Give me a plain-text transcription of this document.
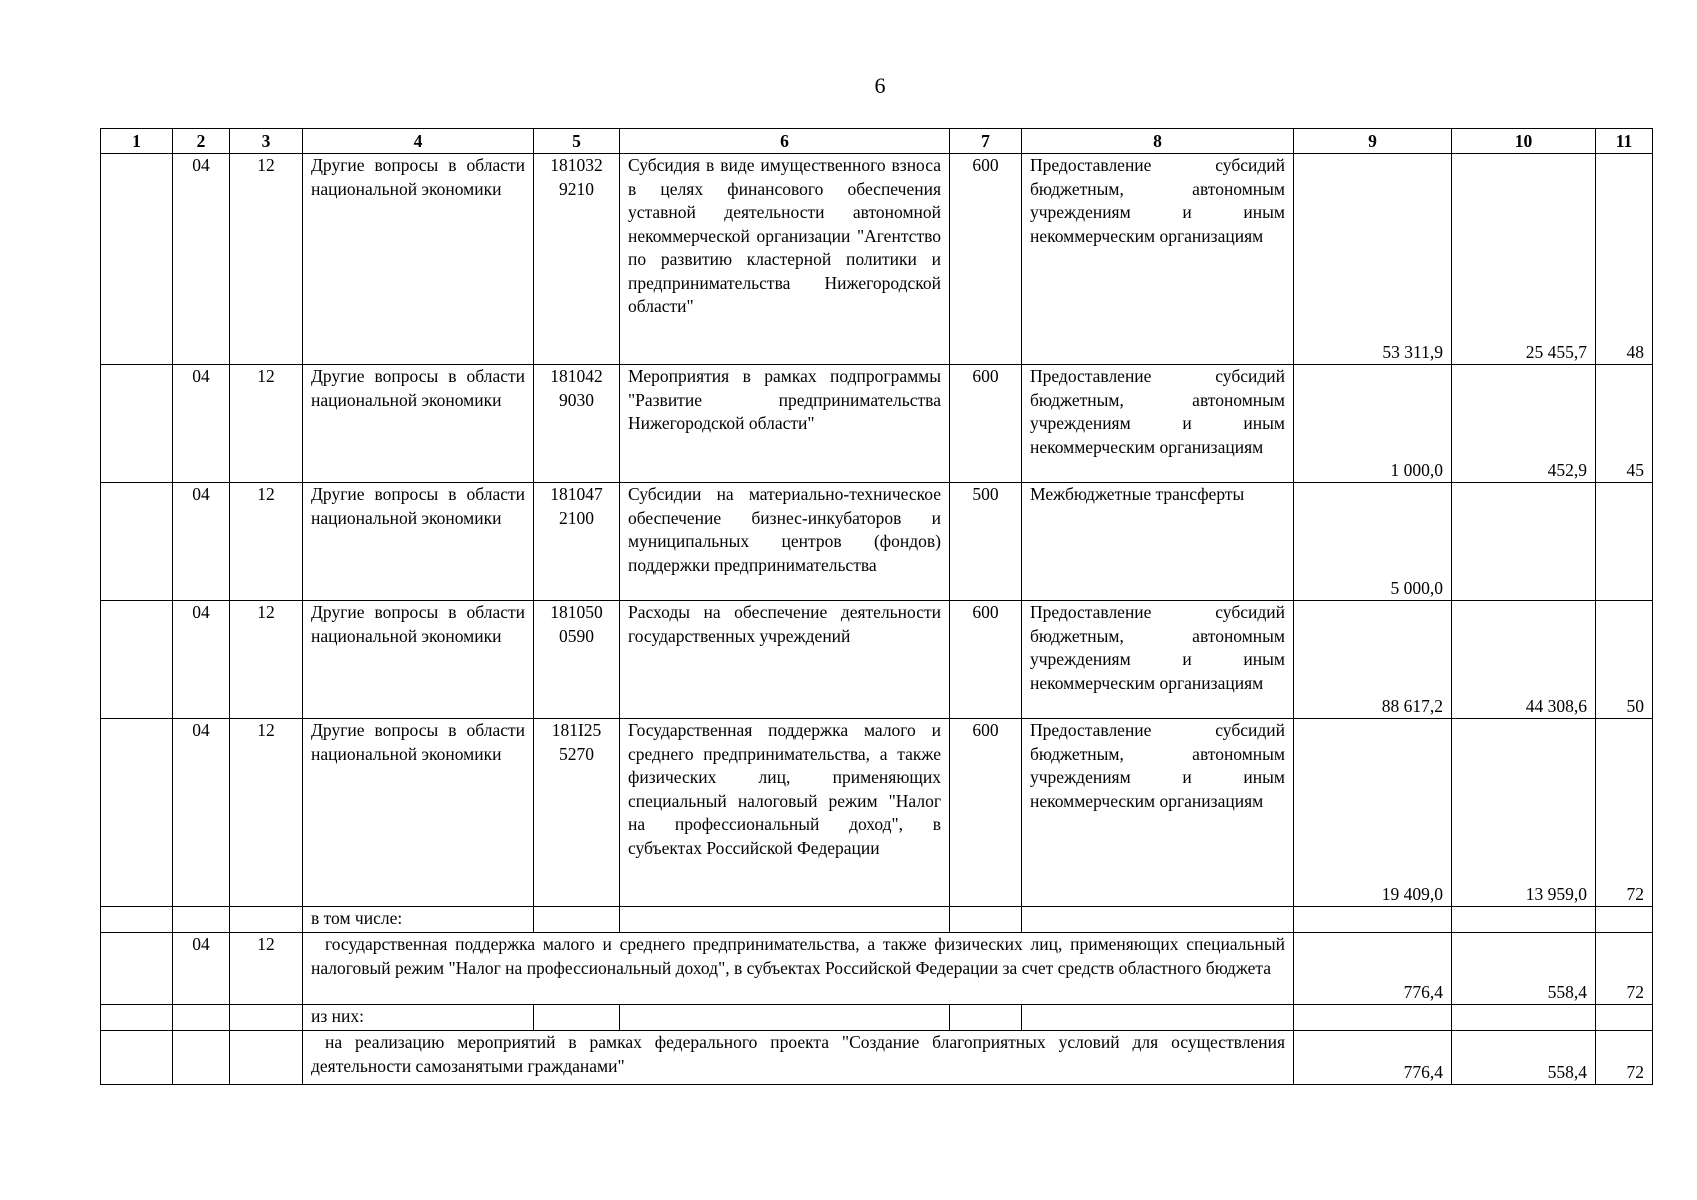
6
1	2	3	4	5	6	7	8	9	10	11
	04	12	Другие вопросы в области национальной экономики	181032 9210	Субсидия в виде имущественного взноса в целях финансового обеспечения уставной деятельности автономной некоммерческой организации "Агентство по развитию кластерной политики и предпринимательства Нижегородской области"	600	Предоставление субсидий бюджетным, автономным учреждениям и иным некоммерческим организациям	53 311,9	25 455,7	48
	04	12	Другие вопросы в области национальной экономики	181042 9030	Мероприятия в рамках подпрограммы "Развитие предпринимательства Нижегородской области"	600	Предоставление субсидий бюджетным, автономным учреждениям и иным некоммерческим организациям	1 000,0	452,9	45
	04	12	Другие вопросы в области национальной экономики	181047 2100	Субсидии на материально-техническое обеспечение бизнес-инкубаторов и муниципальных центров (фондов) поддержки предпринимательства	500	Межбюджетные трансферты	5 000,0		
	04	12	Другие вопросы в области национальной экономики	181050 0590	Расходы на обеспечение деятельности государственных учреждений	600	Предоставление субсидий бюджетным, автономным учреждениям и иным некоммерческим организациям	88 617,2	44 308,6	50
	04	12	Другие вопросы в области национальной экономики	181I25 5270	Государственная поддержка малого и среднего предпринимательства, а также физических лиц, применяющих специальный налоговый режим "Налог на профессиональный доход", в субъектах Российской Федерации	600	Предоставление субсидий бюджетным, автономным учреждениям и иным некоммерческим организациям	19 409,0	13 959,0	72
			в том числе:							
	04	12	государственная поддержка малого и среднего предпринимательства, а также физических лиц, применяющих специальный налоговый режим "Налог на профессиональный доход", в субъектах Российской Федерации за счет средств областного бюджета					776,4	558,4	72
			из них:							
			на реализацию мероприятий в рамках федерального проекта "Создание благоприятных условий для осуществления деятельности самозанятыми гражданами"					776,4	558,4	72
